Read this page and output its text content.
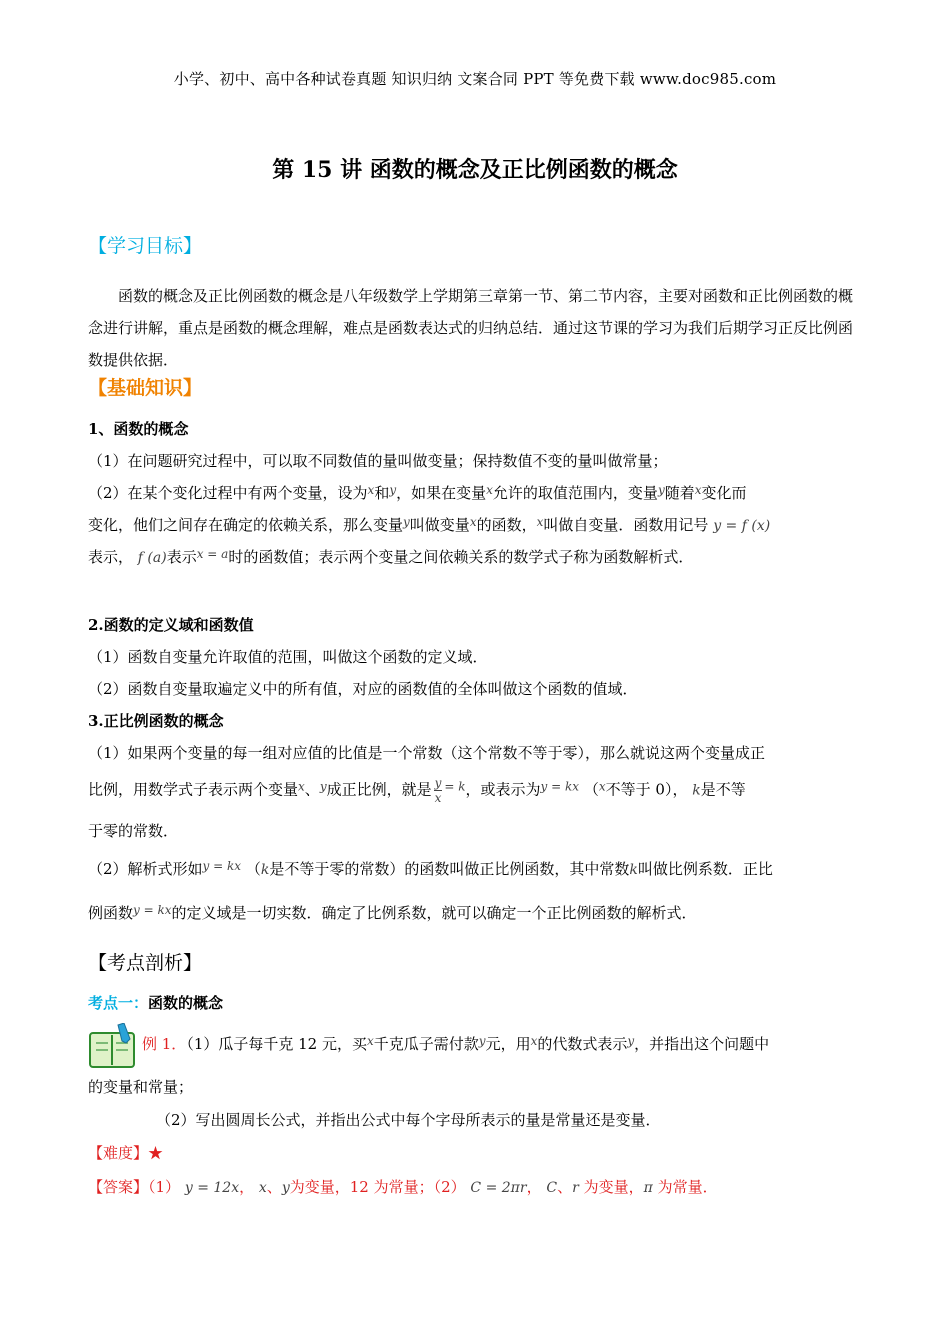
小学、初中、高中各种试卷真题 知识归纳 文案合同 PPT 等免费下载 www.doc985.com
第 15 讲 函数的概念及正比例函数的概念
【学习目标】
函数的概念及正比例函数的概念是八年级数学上学期第三章第一节、第二节内容，主要对函数和正比例函数的概念进行讲解，重点是函数的概念理解，难点是函数表达式的归纳总结．通过这节课的学习为我们后期学习正反比例函数提供依据．
【基础知识】
1、函数的概念
（1）在问题研究过程中，可以取不同数值的量叫做变量；保持数值不变的量叫做常量；
（2）在某个变化过程中有两个变量，设为$^x$和$^y$，如果在变量$^x$允许的取值范围内，变量$^y$随着$^x$变化而
变化，他们之间存在确定的依赖关系，那么变量$^y$叫做变量$^x$的函数，$^x$叫做自变量．函数用记号 y = f (x)
表示， f (a)表示$^{x = a}$时的函数值；表示两个变量之间依赖关系的数学式子称为函数解析式．
2.函数的定义域和函数值
（1）函数自变量允许取值的范围，叫做这个函数的定义域．
（2）函数自变量取遍定义中的所有值，对应的函数值的全体叫做这个函数的值域．
3.正比例函数的概念
（1）如果两个变量的每一组对应值的比值是一个常数（这个常数不等于零），那么就说这两个变量成正
比例，用数学式子表示两个变量$^x$、$^y$成正比例，就是 $\frac{y}{x} ^{= k}$，或表示为$^{y = kx}$ （$^x$不等于 0）， k是不等
于零的常数．
（2）解析式形如$^{y = kx}$ （k是不等于零的常数）的函数叫做正比例函数，其中常数k叫做比例系数．正比
例函数$^{y = kx}$的定义域是一切实数．确定了比例系数，就可以确定一个正比例函数的解析式．
【考点剖析】
考点一：函数的概念
例 1．（1）瓜子每千克 12 元，买$^x$千克瓜子需付款$^y$元，用$^x$的代数式表示$^y$，并指出这个问题中
的变量和常量；
（2）写出圆周长公式，并指出公式中每个字母所表示的量是常量还是变量．
【难度】★
【答案】（1） y = 12x， x、y为变量，12 为常量；（2） C = 2πr， C、r 为变量，π 为常量．
